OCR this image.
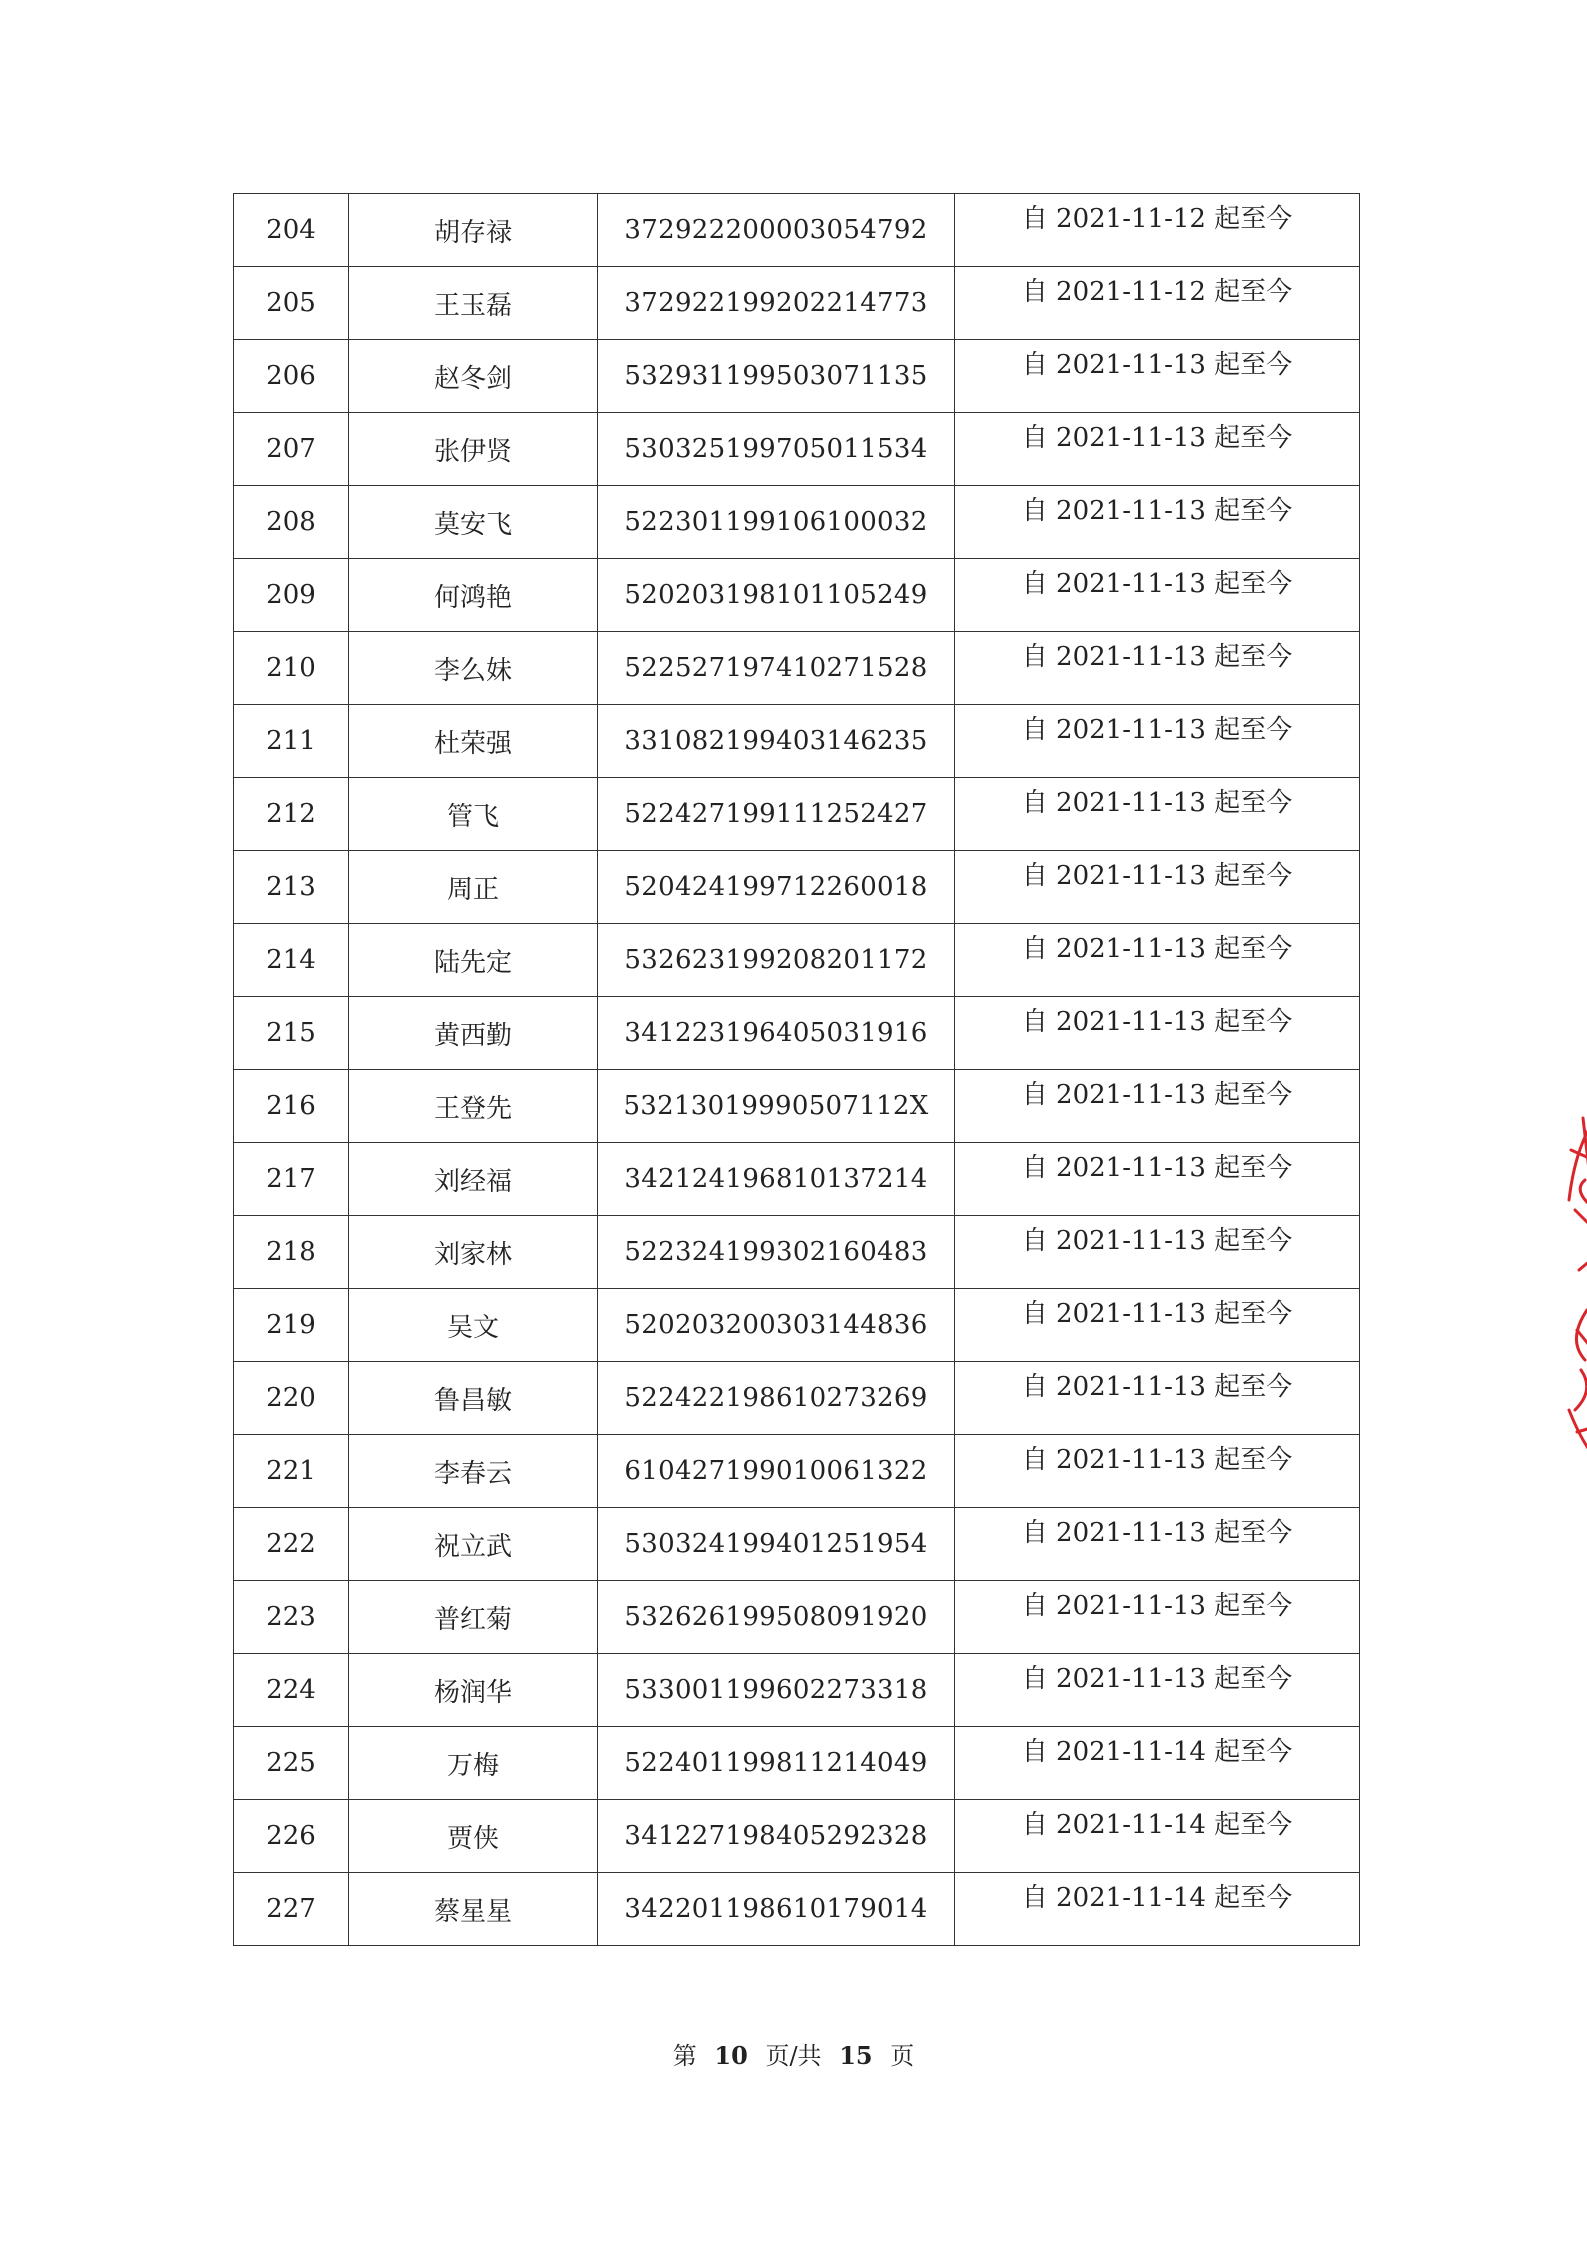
204	胡存禄	372922200003054792	自 2021-11-12 起至今
205	王玉磊	372922199202214773	自 2021-11-12 起至今
206	赵冬剑	532931199503071135	自 2021-11-13 起至今
207	张伊贤	530325199705011534	自 2021-11-13 起至今
208	莫安飞	522301199106100032	自 2021-11-13 起至今
209	何鸿艳	520203198101105249	自 2021-11-13 起至今
210	李么妹	522527197410271528	自 2021-11-13 起至今
211	杜荣强	331082199403146235	自 2021-11-13 起至今
212	管飞	522427199111252427	自 2021-11-13 起至今
213	周正	520424199712260018	自 2021-11-13 起至今
214	陆先定	532623199208201172	自 2021-11-13 起至今
215	黄西勤	341223196405031916	自 2021-11-13 起至今
216	王登先	53213019990507112X	自 2021-11-13 起至今
217	刘经福	342124196810137214	自 2021-11-13 起至今
218	刘家林	522324199302160483	自 2021-11-13 起至今
219	吴文	520203200303144836	自 2021-11-13 起至今
220	鲁昌敏	522422198610273269	自 2021-11-13 起至今
221	李春云	610427199010061322	自 2021-11-13 起至今
222	祝立武	530324199401251954	自 2021-11-13 起至今
223	普红菊	532626199508091920	自 2021-11-13 起至今
224	杨润华	533001199602273318	自 2021-11-13 起至今
225	万梅	522401199811214049	自 2021-11-14 起至今
226	贾侠	341227198405292328	自 2021-11-14 起至今
227	蔡星星	342201198610179014	自 2021-11-14 起至今
第 10 页/共 15 页
